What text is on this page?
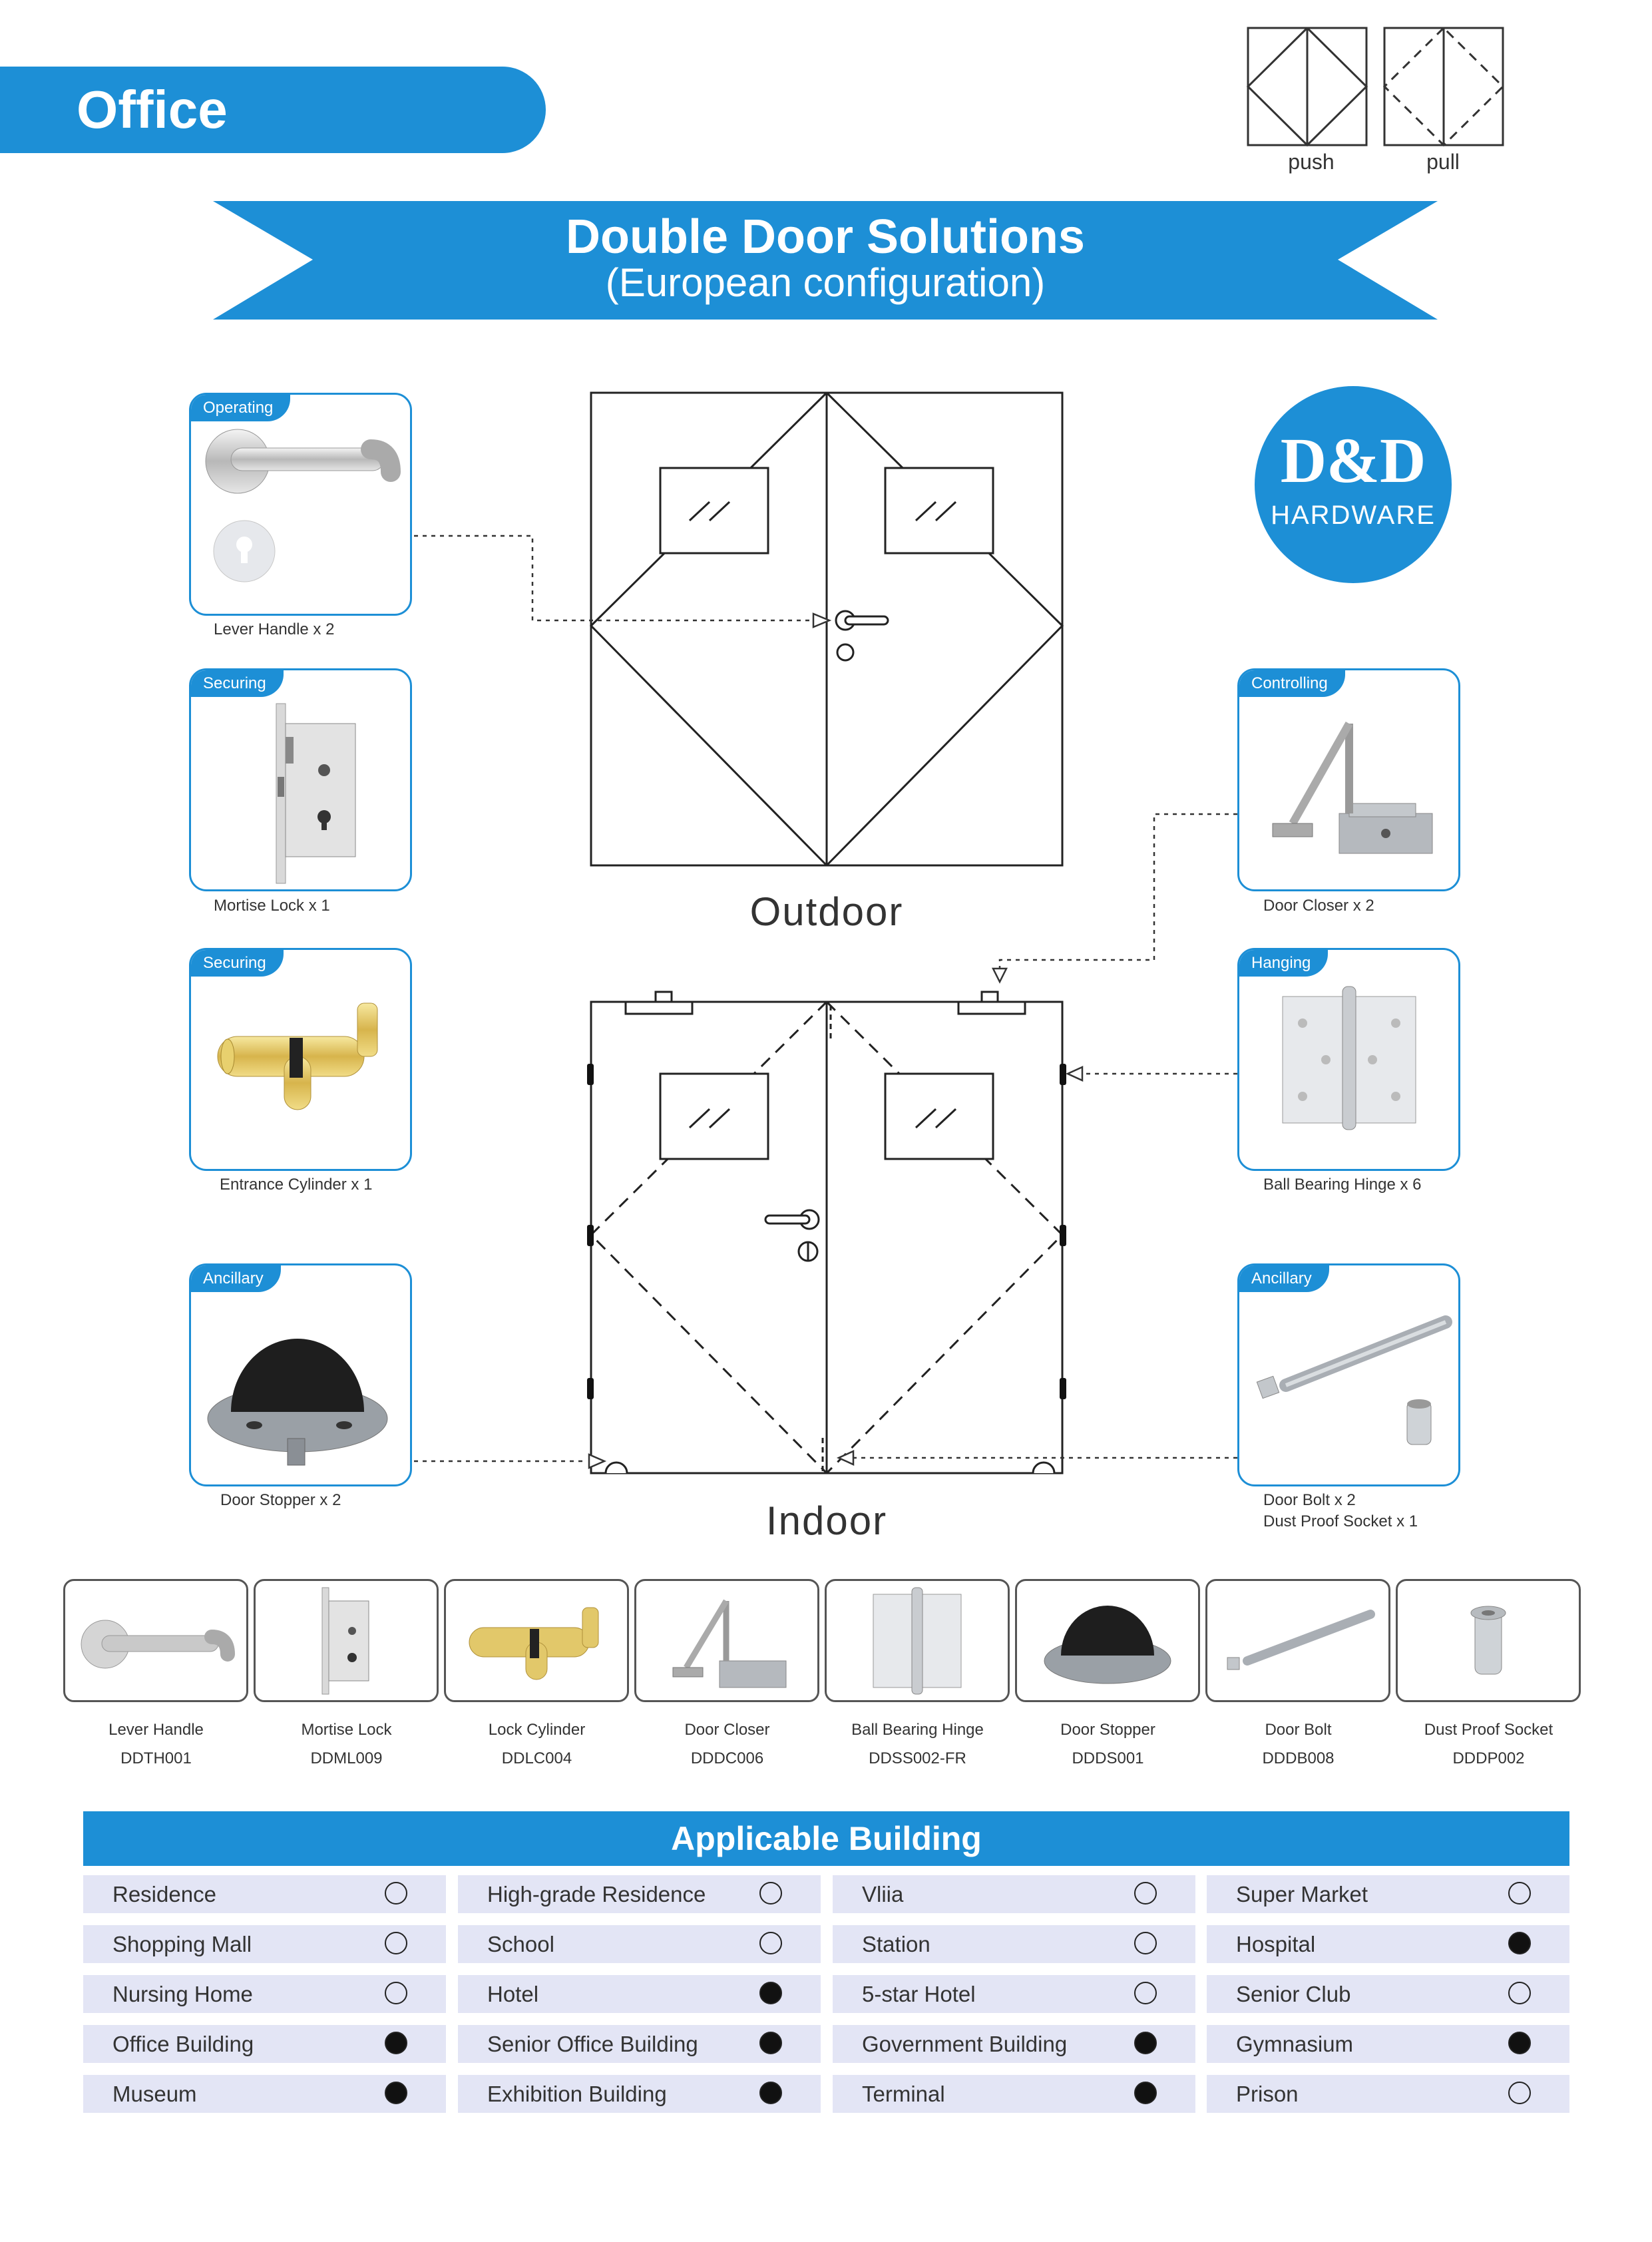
Office
Double Door Solutions
(European configuration)
push	pull
D&D
HARDWARE
Outdoor
Indoor
Operating
Lever Handle x 2
Securing
Mortise Lock x 1
Securing
Entrance Cylinder x 1
Ancillary
Door Stopper x 2
Controlling
Door Closer x 2
Hanging
Ball Bearing Hinge x 6
Ancillary
Door Bolt x 2
Dust Proof Socket x 1
Lever Handle
DDTH001
Mortise Lock
DDML009
Lock Cylinder
DDLC004
Door Closer
DDDC006
Ball Bearing Hinge
DDSS002-FR
Door Stopper
DDDS001
Door Bolt
DDDB008
Dust Proof Socket
DDDP002
Applicable Building
Residence	High-grade Residence	Vliia	Super Market
Shopping Mall	School	Station	Hospital
Nursing Home	Hotel	5-star Hotel	Senior Club
Office Building	Senior Office Building	Government Building	Gymnasium
Museum	Exhibition Building	Terminal	Prison
